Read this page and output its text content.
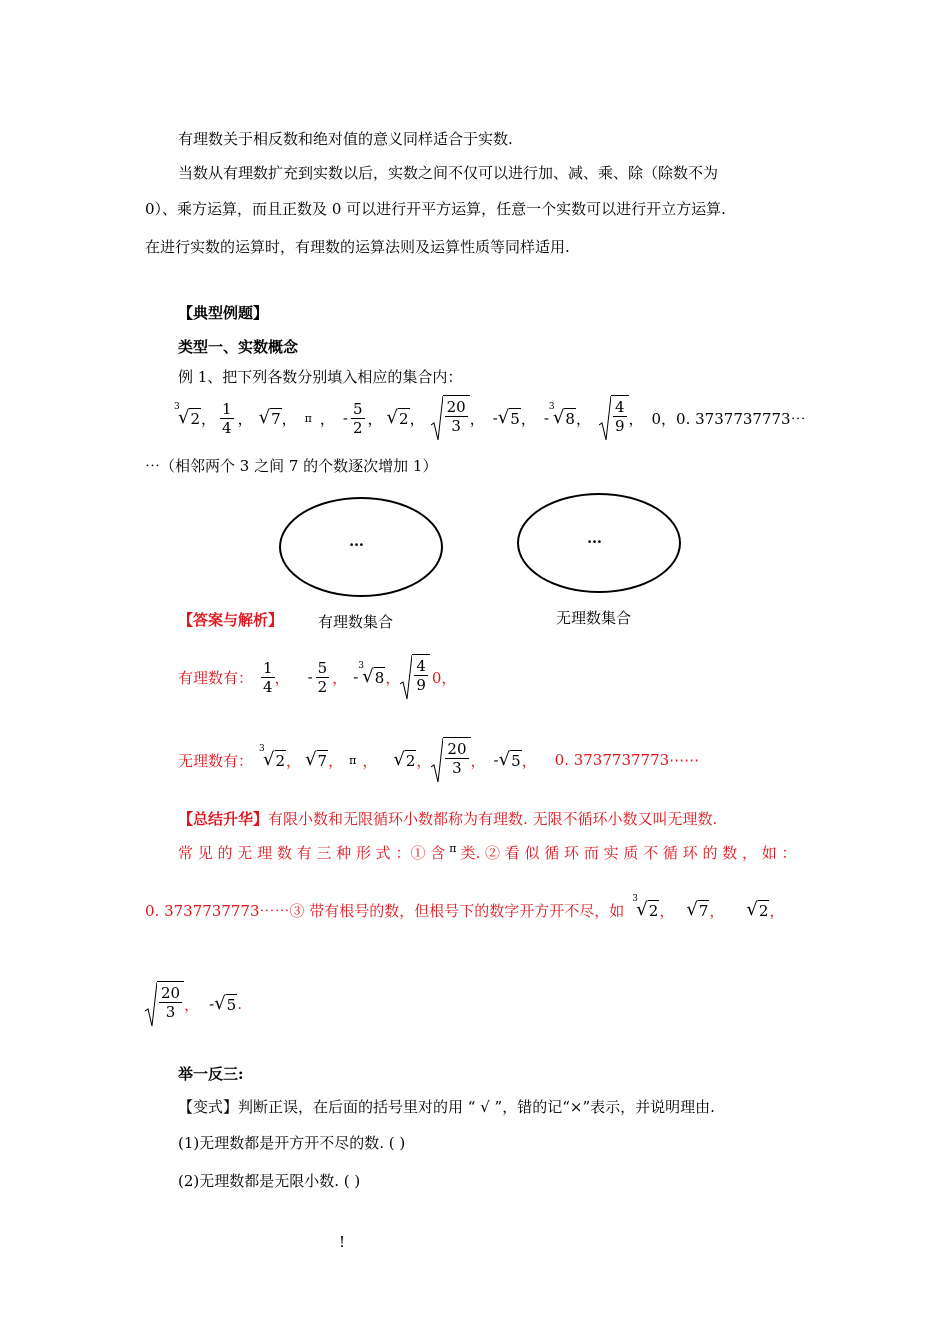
有理数关于相反数和绝对值的意义同样适合于实数.
当数从有理数扩充到实数以后，实数之间不仅可以进行加、减、乘、除（除数不为
0）、乘方运算，而且正数及 0 可以进行开平方运算，任意一个实数可以进行开立方运算.
在进行实数的运算时，有理数的运算法则及运算性质等同样适用.
【典型例题】
类型一、实数概念
例 1、把下列各数分别填入相应的集合内：
3
√ 2 ， $\frac{1}{4}$ ， √ 7 ， π ， - $\frac{5}{2}$ ， √ 2 ， $\frac{20}{3}$ ， - √ 5 ， -
3
√ 8 ， $\frac{4}{9}$ ， 0，0. 3737737773⋯
⋯（相邻两个 3 之间 7 的个数逐次增加 1）
…	…
【答案与解析】 有理数集合	无理数集合
有理数有： $\frac{1}{4}$ ， - $\frac{5}{2}$ ， -
3
√ 8 ， $\frac{4}{9} 0$，
无理数有：
3
√ 2 ， √ 7 ， π ， √ 2 ， $\frac{20}{3}$ ， - √ 5 ， 0. 3737737773⋯⋯
【总结升华】有限小数和无限循环小数都称为有理数. 无限不循环小数又叫无理数.
常 见 的 无 理 数 有 三 种 形 式 ：① 含 $^\pi$ 类. ② 看 似 循 环 而 实 质 不 循 环 的 数 ， 如 ：
0. 3737737773⋯⋯③ 带有根号的数，但根号下的数字开方开不尽，如
3
√ 2 ， √ 7 ， √ 2 ，
$\frac{20}{3}$ ， - √ 5 .
举一反三:
【变式】判断正误，在后面的括号里对的用 “ √ ”，错的记“×”表示，并说明理由.
(1)无理数都是开方开不尽的数. ( )
(2)无理数都是无限小数. ( )
!
